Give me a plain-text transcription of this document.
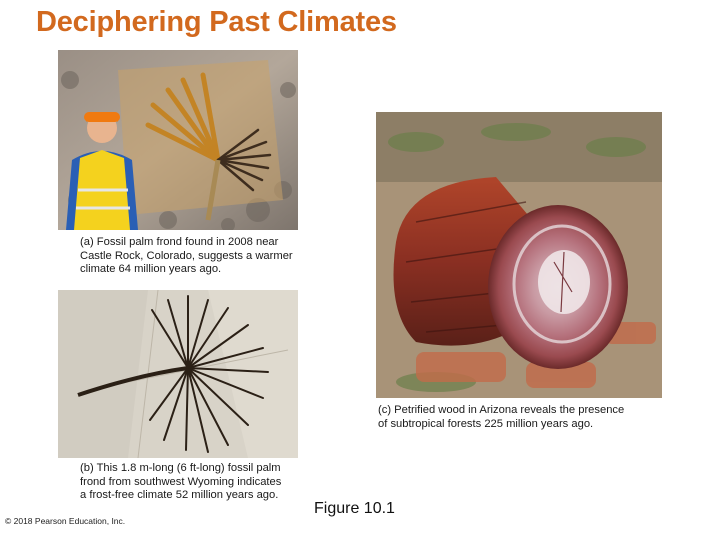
Deciphering Past Climates
(a) Fossil palm frond found in 2008 near
Castle Rock, Colorado, suggests a warmer
climate 64 million years ago.
(b) This 1.8 m-long (6 ft-long) fossil palm
frond from southwest Wyoming indicates
a frost-free climate 52 million years ago.
(c) Petrified wood in Arizona reveals the presence
of subtropical forests 225 million years ago.
Figure 10.1
© 2018 Pearson Education, Inc.
